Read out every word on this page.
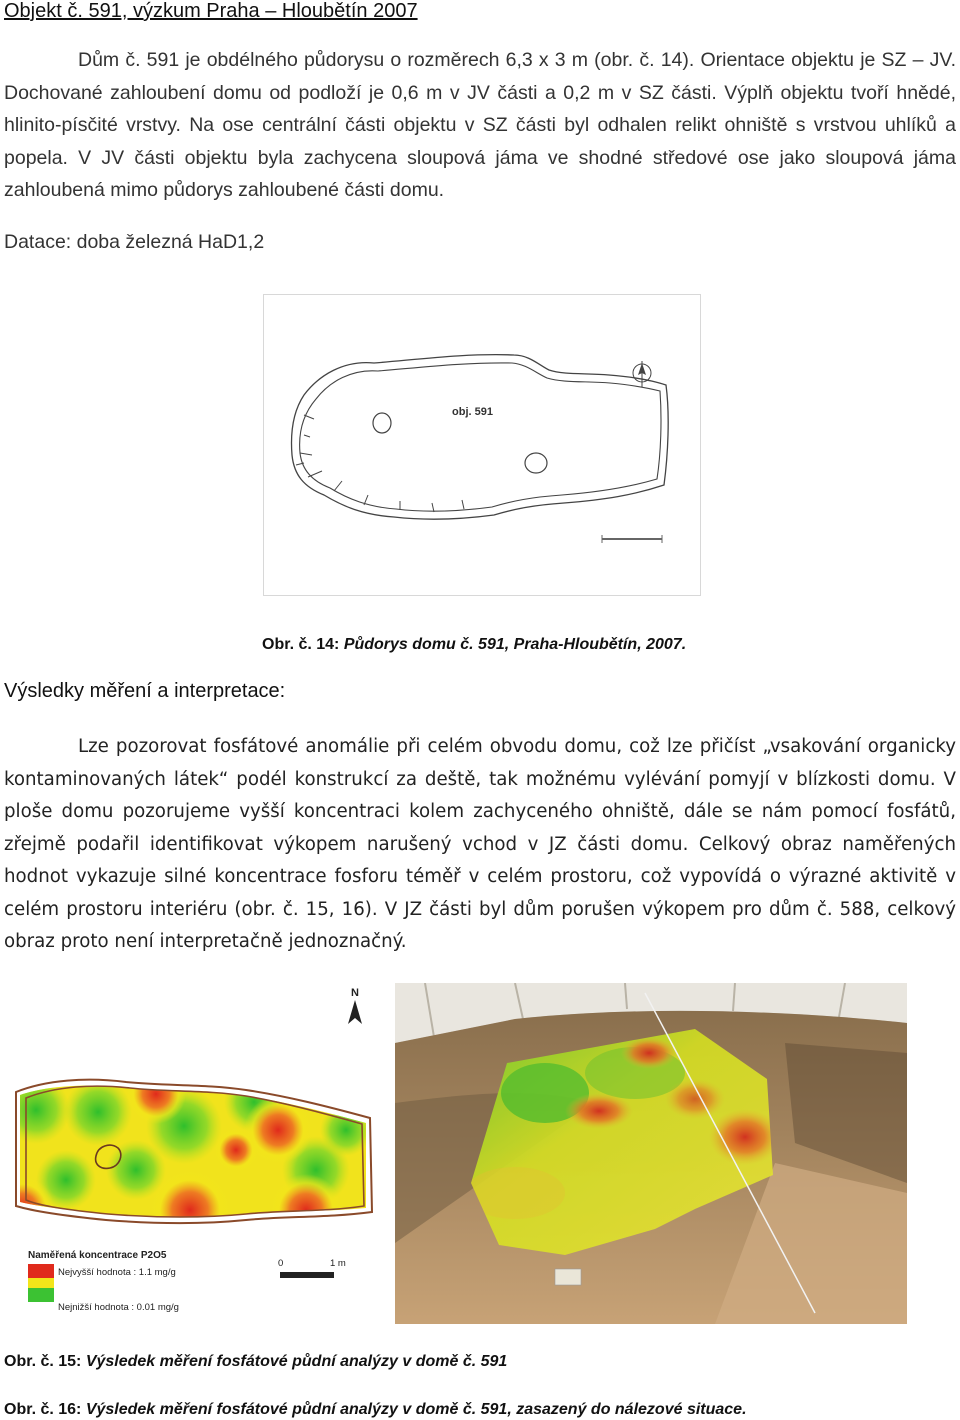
Objekt č. 591, výzkum Praha – Hloubětín 2007
Dům č. 591 je obdélného půdorysu o rozměrech 6,3 x 3 m (obr. č. 14). Orientace objektu je SZ – JV. Dochované zahloubení domu od podloží je 0,6 m v JV části a 0,2 m v SZ části. Výplň objektu tvoří hnědé, hlinito-písčité vrstvy. Na ose centrální části objektu v SZ části byl odhalen relikt ohniště s vrstvou uhlíků a popela. V JV části objektu byla zachycena sloupová jáma ve shodné středové ose jako sloupová jáma zahloubená mimo půdorys zahloubené části domu.
Datace: doba železná HaD1,2
obj. 591
Obr. č. 14: Půdorys domu č. 591, Praha-Hloubětín, 2007.
Výsledky měření a interpretace:
Lze pozorovat fosfátové anomálie při celém obvodu domu, což lze přičíst „vsakování organicky kontaminovaných látek“ podél konstrukcí za deště, tak možnému vylévání pomyjí v blízkosti domu. V ploše domu pozorujeme vyšší koncentraci kolem zachyceného ohniště, dále se nám pomocí fosfátů, zřejmě podařil identifikovat výkopem narušený vchod v JZ části domu. Celkový obraz naměřených hodnot vykazuje silné koncentrace fosforu téměř v celém prostoru, což vypovídá o výrazné aktivitě v celém prostoru interiéru (obr. č. 15, 16). V JZ části byl dům porušen výkopem pro dům č. 588, celkový obraz proto není interpretačně jednoznačný.
N
Naměřená koncentrace P2O5
Nejvyšší hodnota : 1.1 mg/g
Nejnižší hodnota : 0.01 mg/g
0	1 m
Obr. č. 15: Výsledek měření fosfátové půdní analýzy v domě č. 591
Obr. č. 16: Výsledek měření fosfátové půdní analýzy v domě č. 591, zasazený do nálezové situace.
